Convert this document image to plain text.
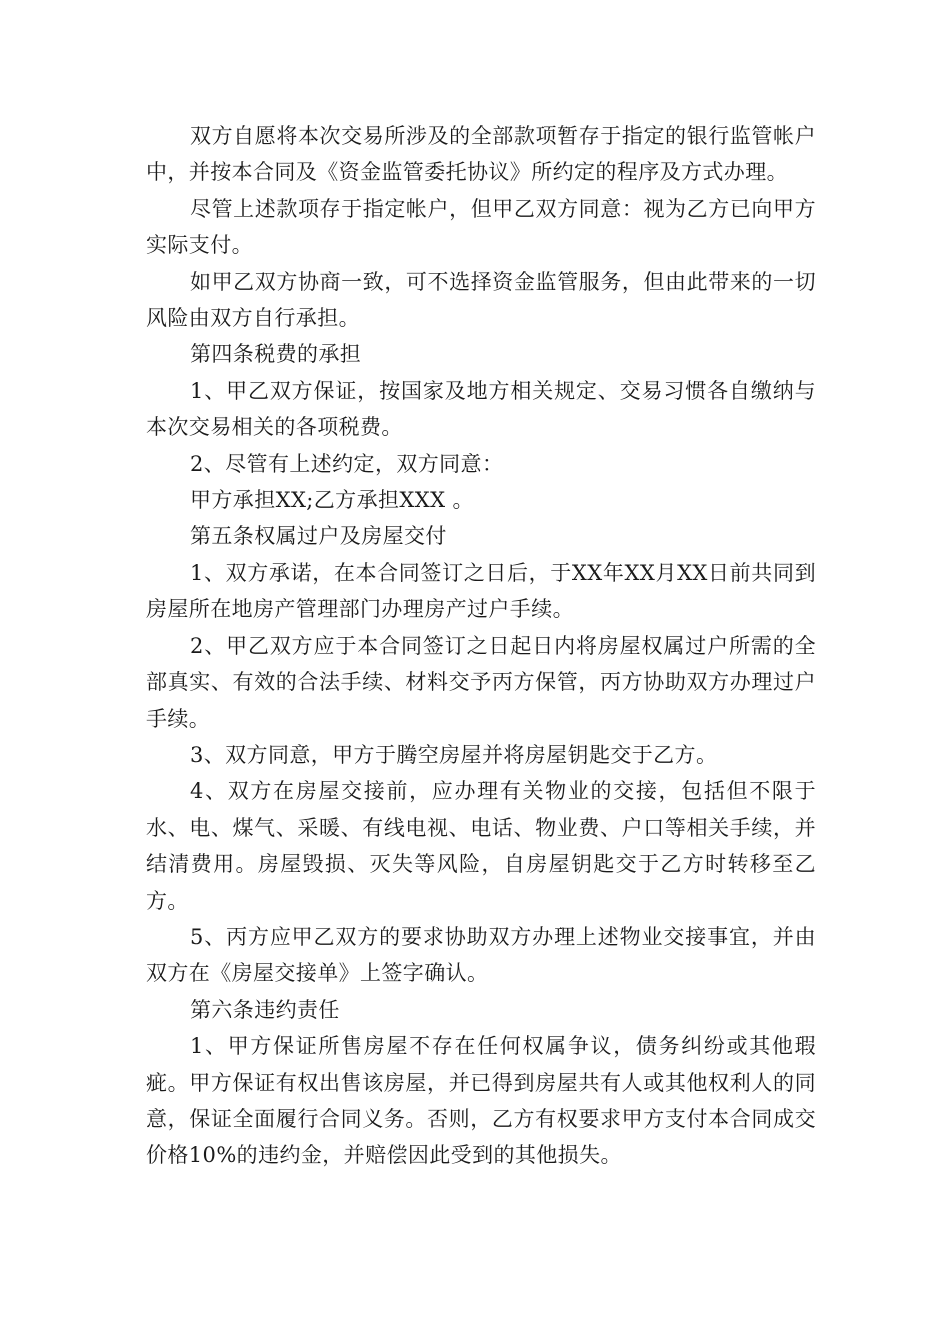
双方自愿将本次交易所涉及的全部款项暂存于指定的银行监管帐户中，并按本合同及《资金监管委托协议》所约定的程序及方式办理。

尽管上述款项存于指定帐户，但甲乙双方同意：视为乙方已向甲方实际支付。

如甲乙双方协商一致，可不选择资金监管服务，但由此带来的一切风险由双方自行承担。

第四条税费的承担

1、甲乙双方保证，按国家及地方相关规定、交易习惯各自缴纳与本次交易相关的各项税费。

2、尽管有上述约定，双方同意：

甲方承担XX;乙方承担XXX 。

第五条权属过户及房屋交付

1、双方承诺，在本合同签订之日后，于XX年XX月XX日前共同到房屋所在地房产管理部门办理房产过户手续。

2、甲乙双方应于本合同签订之日起日内将房屋权属过户所需的全部真实、有效的合法手续、材料交予丙方保管，丙方协助双方办理过户手续。

3、双方同意，甲方于腾空房屋并将房屋钥匙交于乙方。

4、双方在房屋交接前，应办理有关物业的交接，包括但不限于水、电、煤气、采暖、有线电视、电话、物业费、户口等相关手续，并结清费用。房屋毁损、灭失等风险，自房屋钥匙交于乙方时转移至乙方。

5、丙方应甲乙双方的要求协助双方办理上述物业交接事宜，并由双方在《房屋交接单》上签字确认。

第六条违约责任

1、甲方保证所售房屋不存在任何权属争议，债务纠纷或其他瑕疵。甲方保证有权出售该房屋，并已得到房屋共有人或其他权利人的同意，保证全面履行合同义务。否则，乙方有权要求甲方支付本合同成交价格10%的违约金，并赔偿因此受到的其他损失。
